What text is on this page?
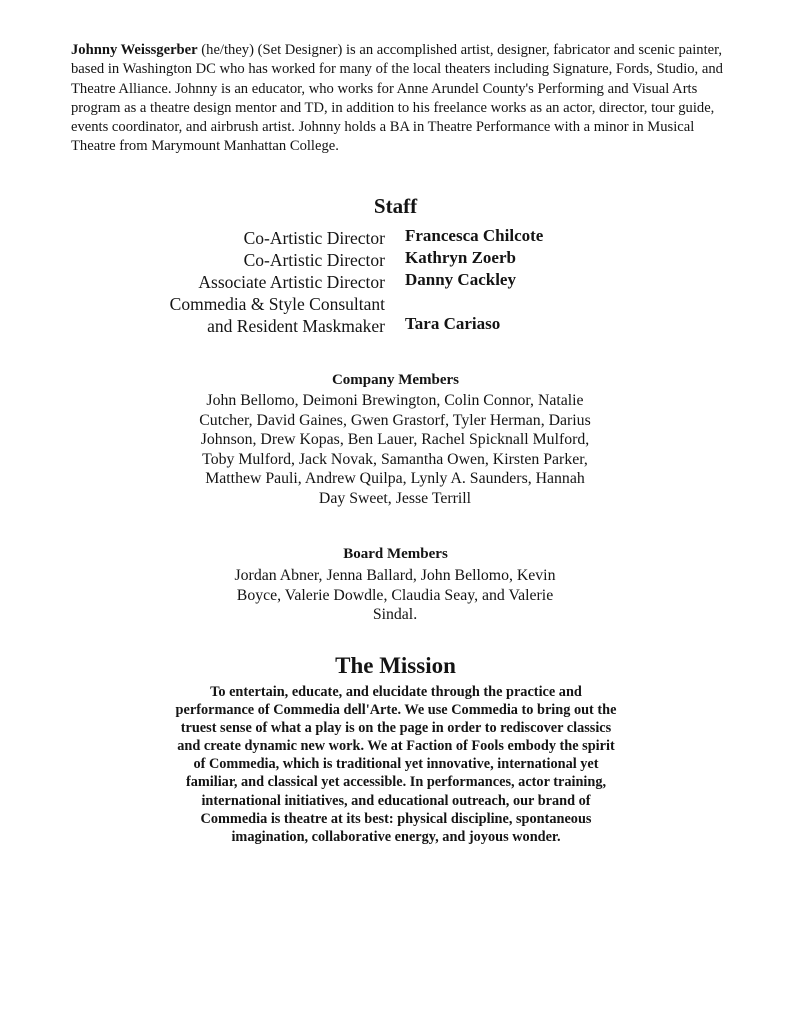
Johnny Weissgerber (he/they) (Set Designer) is an accomplished artist, designer, fabricator and scenic painter, based in Washington DC who has worked for many of the local theaters including Signature, Fords, Studio, and Theatre Alliance. Johnny is an educator, who works for Anne Arundel County's Performing and Visual Arts program as a theatre design mentor and TD, in addition to his freelance works as an actor, director, tour guide, events coordinator, and airbrush artist. Johnny holds a BA in Theatre Performance with a minor in Musical Theatre from Marymount Manhattan College.
Staff
Co-Artistic Director Francesca Chilcote
Co-Artistic Director Kathryn Zoerb
Associate Artistic Director Danny Cackley
Commedia & Style Consultant
and Resident Maskmaker Tara Cariaso
Company Members
John Bellomo, Deimoni Brewington, Colin Connor, Natalie Cutcher, David Gaines, Gwen Grastorf, Tyler Herman, Darius Johnson, Drew Kopas, Ben Lauer, Rachel Spicknall Mulford, Toby Mulford, Jack Novak, Samantha Owen, Kirsten Parker, Matthew Pauli, Andrew Quilpa, Lynly A. Saunders, Hannah Day Sweet, Jesse Terrill
Board Members
Jordan Abner, Jenna Ballard, John Bellomo, Kevin Boyce, Valerie Dowdle, Claudia Seay, and Valerie Sindal.
The Mission
To entertain, educate, and elucidate through the practice and performance of Commedia dell'Arte. We use Commedia to bring out the truest sense of what a play is on the page in order to rediscover classics and create dynamic new work. We at Faction of Fools embody the spirit of Commedia, which is traditional yet innovative, international yet familiar, and classical yet accessible. In performances, actor training, international initiatives, and educational outreach, our brand of Commedia is theatre at its best: physical discipline, spontaneous imagination, collaborative energy, and joyous wonder.
